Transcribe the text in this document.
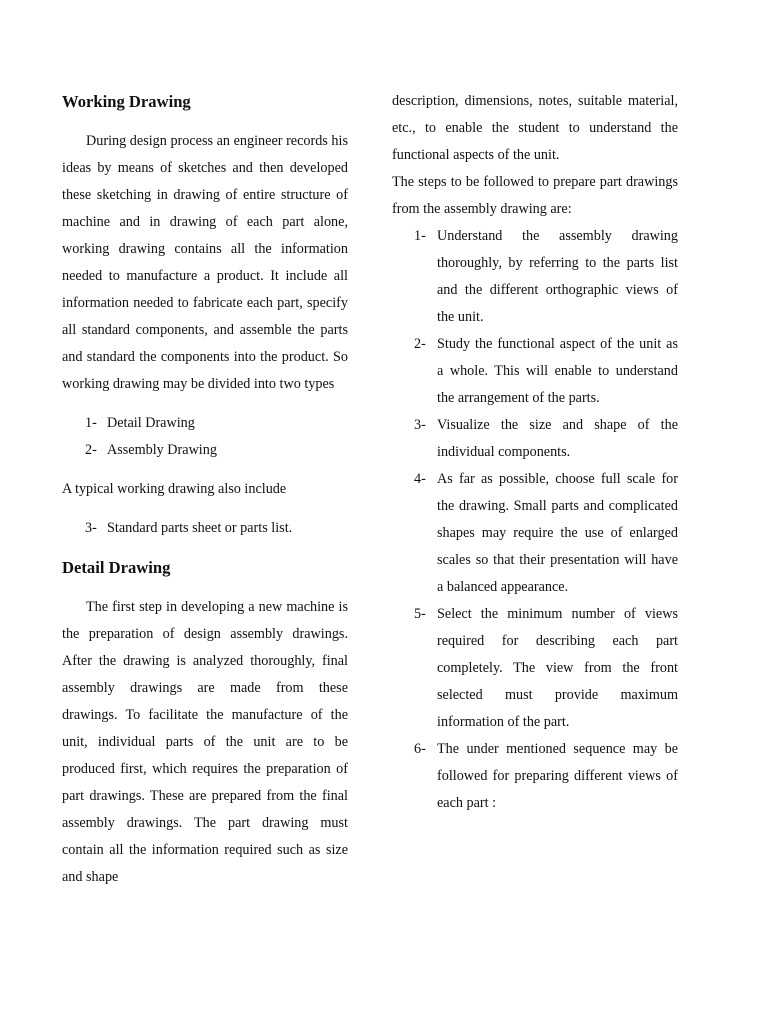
Working Drawing

During design process an engineer records his ideas by means of sketches and then developed these sketching in drawing of entire structure of machine and in drawing of each part alone, working drawing contains all the information needed to manufacture a product. It include all information needed to fabricate each part, specify all standard components, and assemble the parts and standard the components into the product. So working drawing may be divided into two types

1- Detail Drawing
2- Assembly Drawing

A typical working drawing also include

3- Standard parts sheet or parts list.
Detail Drawing

The first step in developing a new machine is the preparation of design assembly drawings. After the drawing is analyzed thoroughly, final assembly drawings are made from these drawings. To facilitate the manufacture of the unit, individual parts of the unit are to be produced first, which requires the preparation of part drawings. These are prepared from the final assembly drawings. The part drawing must contain all the information required such as size and shape

description, dimensions, notes, suitable material, etc., to enable the student to understand the functional aspects of the unit.

The steps to be followed to prepare part drawings from the assembly drawing are:

1- Understand the assembly drawing thoroughly, by referring to the parts list and the different orthographic views of the unit.
2- Study the functional aspect of the unit as a whole. This will enable to understand the arrangement of the parts.
3- Visualize the size and shape of the individual components.
4- As far as possible, choose full scale for the drawing. Small parts and complicated shapes may require the use of enlarged scales so that their presentation will have a balanced appearance.
5- Select the minimum number of views required for describing each part completely. The view from the front selected must provide maximum information of the part.
6- The under mentioned sequence may be followed for preparing different views of each part :
